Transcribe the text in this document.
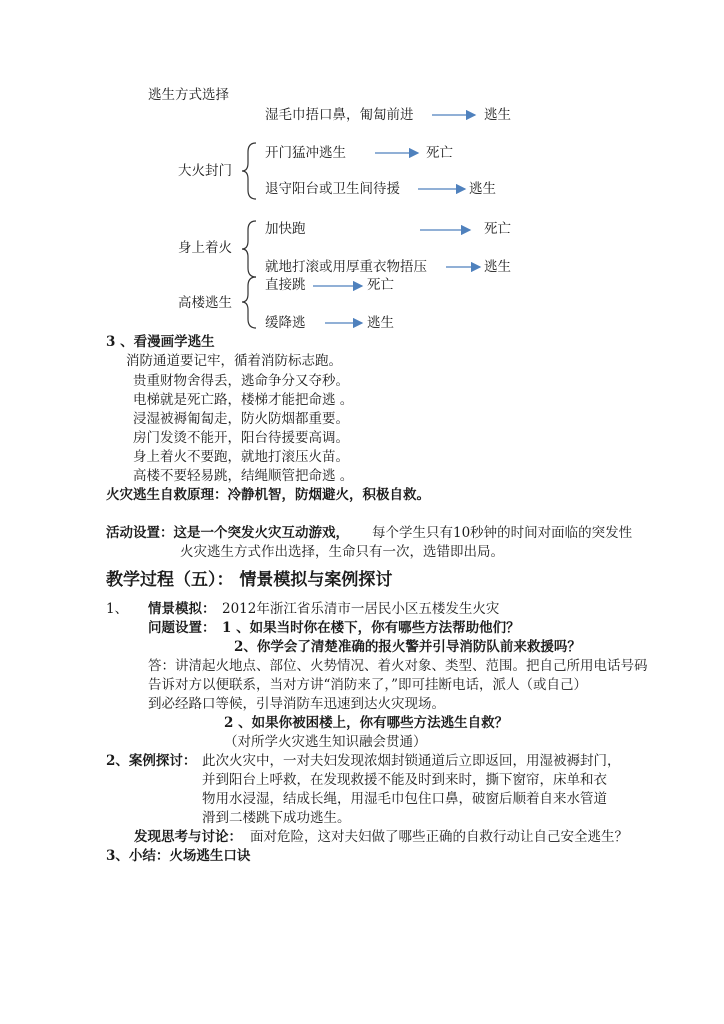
逃生方式选择
湿毛巾捂口鼻，匍匐前进	逃生
大火封门
开门猛冲逃生	死亡
退守阳台或卫生间待援	逃生
身上着火
加快跑	死亡
就地打滚或用厚重衣物捂压	逃生
高楼逃生
直接跳	死亡
缓降逃	逃生
3 、看漫画学逃生
消防通道要记牢，循着消防标志跑。
贵重财物舍得丢，逃命争分又夺秒。
电梯就是死亡路，楼梯才能把命逃 。
浸湿被褥匍匐走，防火防烟都重要。
房门发烫不能开，阳台待援要高调。
身上着火不要跑，就地打滚压火苗。
高楼不要轻易跳，结绳顺管把命逃 。
火灾逃生自救原理：冷静机智，防烟避火，积极自救。
活动设置：这是一个突发火灾互动游戏， 每个学生只有10秒钟的时间对面临的突发性
火灾逃生方式作出选择，生命只有一次，选错即出局。
教学过程（五）： 情景模拟与案例探讨
1、 情景模拟： 2012年浙江省乐清市一居民小区五楼发生火灾
问题设置： 1 、如果当时你在楼下，你有哪些方法帮助他们？
2、你学会了清楚准确的报火警并引导消防队前来救援吗？
答：讲清起火地点、部位、火势情况、着火对象、类型、范围。把自己所用电话号码
告诉对方以便联系，当对方讲“消防来了，”即可挂断电话，派人（或自己）
到必经路口等候，引导消防车迅速到达火灾现场。
2 、如果你被困楼上，你有哪些方法逃生自救？
（对所学火灾逃生知识融会贯通）
2、案例探讨： 此次火灾中，一对夫妇发现浓烟封锁通道后立即返回，用湿被褥封门，
并到阳台上呼救，在发现救援不能及时到来时，撕下窗帘，床单和衣
物用水浸湿，结成长绳，用湿毛巾包住口鼻，破窗后顺着自来水管道
滑到二楼跳下成功逃生。
发现思考与讨论： 面对危险，这对夫妇做了哪些正确的自救行动让自己安全逃生？
3、小结：火场逃生口诀
